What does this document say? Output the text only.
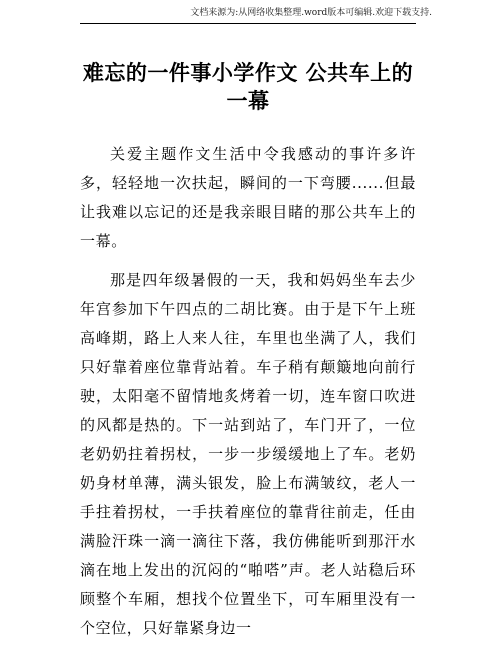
文档来源为:从网络收集整理.word版本可编辑.欢迎下载支持.
难忘的一件事小学作文 公共车上的一幕

关爱主题作文生活中令我感动的事许多许多，轻轻地一次扶起，瞬间的一下弯腰......但最让我难以忘记的还是我亲眼目睹的那公共车上的一幕。

那是四年级暑假的一天，我和妈妈坐车去少年宫参加下午四点的二胡比赛。由于是下午上班高峰期，路上人来人往，车里也坐满了人，我们只好靠着座位靠背站着。车子稍有颠簸地向前行驶，太阳毫不留情地炙烤着一切，连车窗口吹进的风都是热的。下一站到站了，车门开了，一位老奶奶拄着拐杖，一步一步缓缓地上了车。老奶奶身材单薄，满头银发，脸上布满皱纹，老人一手拄着拐杖，一手扶着座位的靠背往前走，任由满脸汗珠一滴一滴往下落，我仿佛能听到那汗水滴在地上发出的沉闷的“啪嗒”声。老人站稳后环顾整个车厢，想找个位置坐下，可车厢里没有一个空位，只好靠紧身边一
